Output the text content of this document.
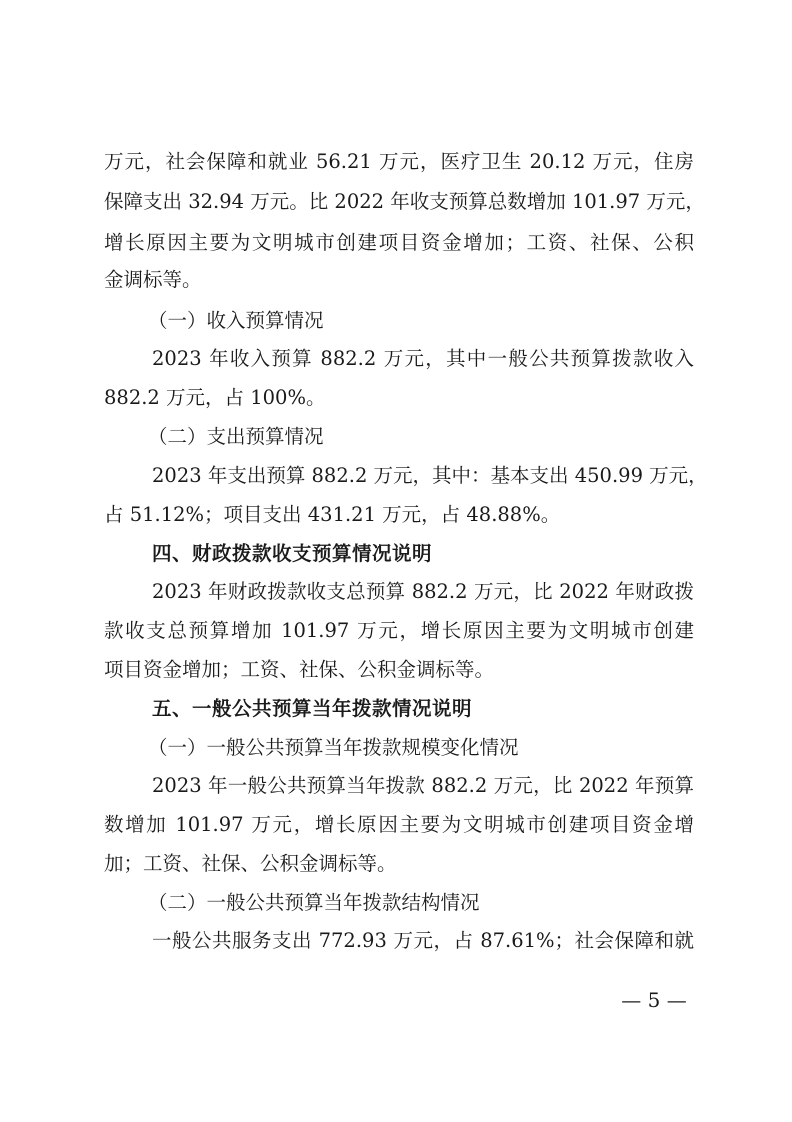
万元，社会保障和就业 56.21 万元，医疗卫生 20.12 万元，住房
保障支出 32.94 万元。比 2022 年收支预算总数增加 101.97 万元，
增长原因主要为文明城市创建项目资金增加；工资、社保、公积
金调标等。
（一）收入预算情况
2023 年收入预算 882.2 万元，其中一般公共预算拨款收入
882.2 万元，占 100%。
（二）支出预算情况
2023 年支出预算 882.2 万元，其中：基本支出 450.99 万元，
占 51.12%；项目支出 431.21 万元，占 48.88%。
四、财政拨款收支预算情况说明
2023 年财政拨款收支总预算 882.2 万元，比 2022 年财政拨
款收支总预算增加 101.97 万元，增长原因主要为文明城市创建
项目资金增加；工资、社保、公积金调标等。
五、一般公共预算当年拨款情况说明
（一）一般公共预算当年拨款规模变化情况
2023 年一般公共预算当年拨款 882.2 万元，比 2022 年预算
数增加 101.97 万元，增长原因主要为文明城市创建项目资金增
加；工资、社保、公积金调标等。
（二）一般公共预算当年拨款结构情况
一般公共服务支出 772.93 万元，占 87.61%；社会保障和就
— 5 —
